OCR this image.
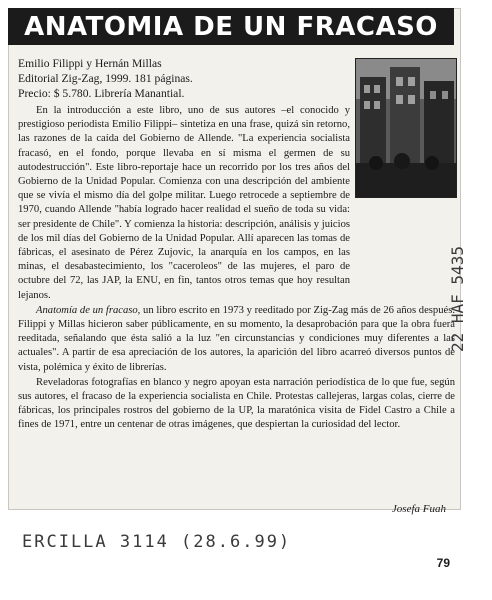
ANATOMIA DE UN FRACASO
Emilio Filippi y Hernán Millas
Editorial Zig-Zag, 1999. 181 páginas.
Precio: $ 5.780. Librería Manantial.

En la introducción a este libro, uno de sus autores –el conocido y prestigioso periodista Emilio Filippi– sintetiza en una frase, quizá sin retorno, las razones de la caída del Gobierno de Allende. "La experiencia socialista fracasó, en el fondo, porque llevaba en sí misma el germen de su autodestrucción". Este libro-reportaje hace un recorrido por los tres años del Gobierno de la Unidad Popular. Comienza con una descripción del ambiente que se vivía el mismo día del golpe militar. Luego retrocede a septiembre de 1970, cuando Allende "había logrado hacer realidad el sueño de toda su vida: ser presidente de Chile". Y comienza la historia: descripción, análisis y juicios de los mil días del Gobierno de la Unidad Popular. Allí aparecen las tomas de fábricas, el asesinato de Pérez Zujovic, la anarquía en los campos, en las minas, el desabastecimiento, los "caceroleos" de las mujeres, el paro de octubre del 72, las JAP, la ENU, en fin, tantos otros temas que hoy resultan lejanos.

Anatomía de un fracaso, un libro escrito en 1973 y reeditado por Zig-Zag más de 26 años después. Filippi y Millas hicieron saber públicamente, en su momento, la desaprobación para que la obra fuera reeditada, señalando que ésta salió a la luz "en circunstancias y condiciones muy diferentes a las actuales". A partir de esa apreciación de los autores, la aparición del libro acarreó diversos puntos de vista, polémica y éxito de librerías.

Reveladoras fotografías en blanco y negro apoyan esta narración periodística de lo que fue, según sus autores, el fracaso de la experiencia socialista en Chile. Protestas callejeras, largas colas, cierre de fábricas, los principales rostros del gobierno de la UP, la maratónica visita de Fidel Castro a Chile a fines de 1971, entre un centenar de otras imágenes, que despiertan la curiosidad del lector.

Josefa Fuah
ERCILLA 3114 (28.6.99)
22 HAF 5435
79
